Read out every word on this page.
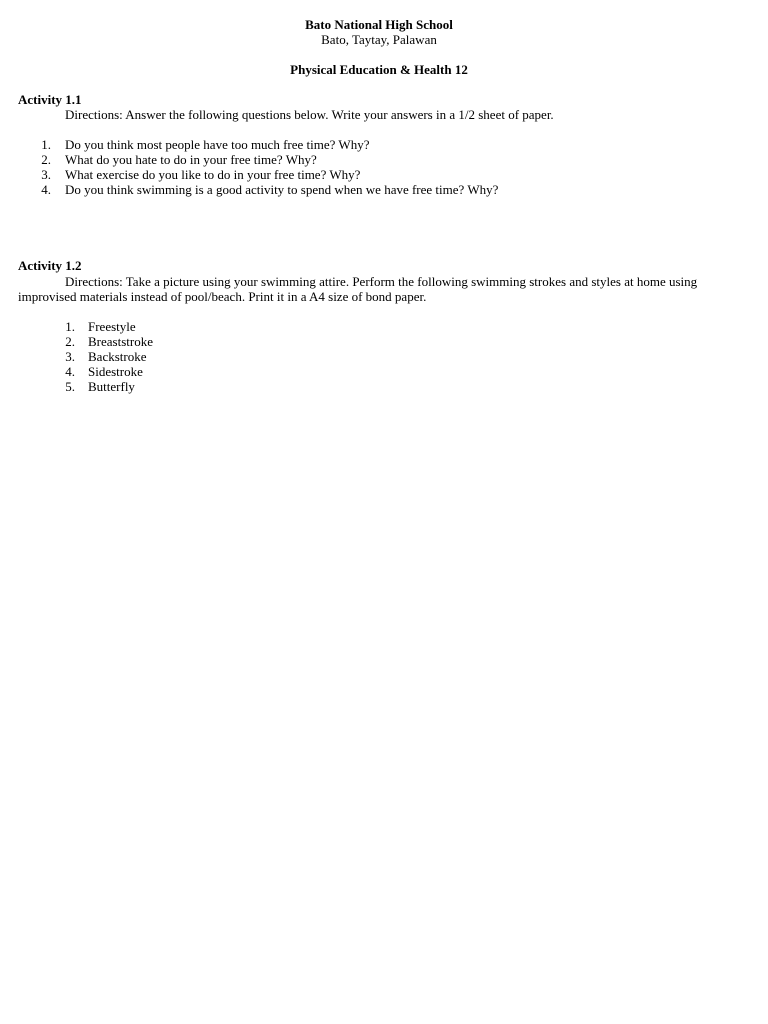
Bato National High School
Bato, Taytay, Palawan
Physical Education & Health 12
Activity 1.1
Directions: Answer the following questions below. Write your answers in a 1/2 sheet of paper.
1. Do you think most people have too much free time? Why?
2. What do you hate to do in your free time? Why?
3. What exercise do you like to do in your free time? Why?
4. Do you think swimming is a good activity to spend when we have free time? Why?
Activity 1.2
Directions: Take a picture using your swimming attire. Perform the following swimming strokes and styles at home using improvised materials instead of pool/beach. Print it in a A4 size of bond paper.
1. Freestyle
2. Breaststroke
3. Backstroke
4. Sidestroke
5. Butterfly
